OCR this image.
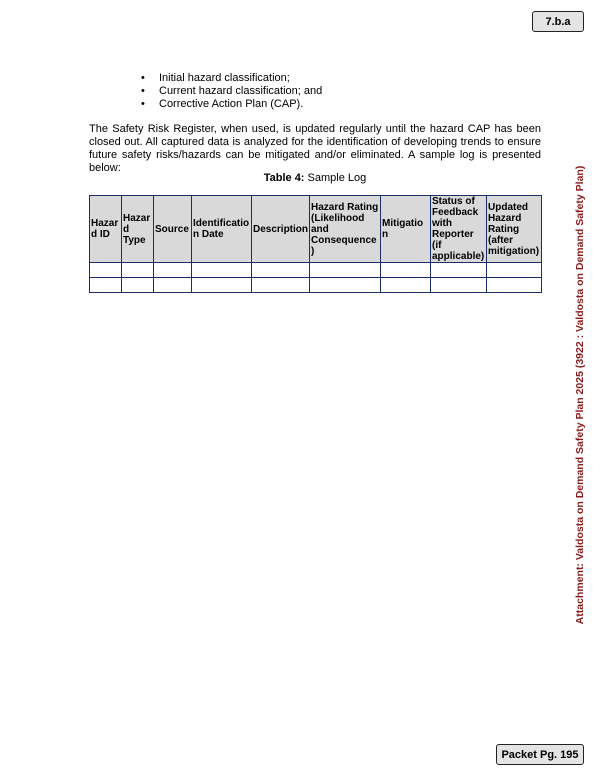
7.b.a
• Initial hazard classification;
• Current hazard classification; and
• Corrective Action Plan (CAP).

The Safety Risk Register, when used, is updated regularly until the hazard CAP has been closed out. All captured data is analyzed for the identification of developing trends to ensure future safety risks/hazards can be mitigated and/or eliminated. A sample log is presented below:

Table 4: Sample Log
Hazar d ID	Hazar d Type	Source	Identificatio n Date	Description	Hazard Rating (Likelihood and Consequence)	Mitigation	Status of Feedback with Reporter (if applicable)	Updated Hazard Rating (after mitigation)

									Attachment: Valdosta on Demand Safety Plan 2025 (3922 : Valdosta on Demand Safety Plan)
Packet Pg. 195
